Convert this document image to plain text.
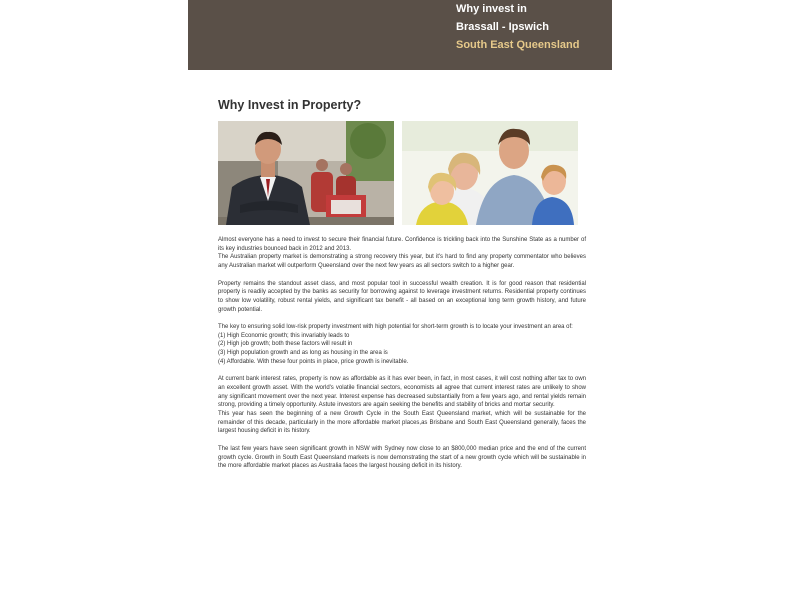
Why invest in
Brassall - Ipswich
South East Queensland
Why Invest in Property?

Almost everyone has a need to invest to secure their financial future. Confidence is trickling back into the Sunshine State as a number of its key industries bounced back in 2012 and 2013.

The Australian property market is demonstrating a strong recovery this year, but it's hard to find any property commentator who believes any Australian market will outperform Queensland over the next few years as all sectors switch to a higher gear.

Property remains the standout asset class, and most popular tool in successful wealth creation. It is for good reason that residential property is readily accepted by the banks as security for borrowing against to leverage investment returns. Residential property continues to show low volatility, robust rental yields, and significant tax benefit - all based on an exceptional long term growth history, and future growth potential.

The key to ensuring solid low-risk property investment with high potential for short-term growth is to locate your investment an area of:

(1) High Economic growth; this invariably leads to
(2) High job growth; both these factors will result in
(3) High population growth and as long as housing in the area is
(4) Affordable. With these four points in place, price growth is inevitable.

At current bank interest rates, property is now as affordable as it has ever been, in fact, in most cases, it will cost nothing after tax to own an excellent growth asset. With the world's volatile financial sectors, economists all agree that current interest rates are unlikely to show any significant movement over the next year. Interest expense has decreased substantially from a few years ago, and rental yields remain strong, providing a timely opportunity. Astute investors are again seeking the benefits and stability of bricks and mortar security.

This year has seen the beginning of a new Growth Cycle in the South East Queensland market, which will be sustainable for the remainder of this decade, particularly in the more affordable market places,as Brisbane and South East Queensland generally, faces the largest housing deficit in its history.

The last few years have seen significant growth in NSW with Sydney now close to an $800,000 median price and the end of the current growth cycle. Growth in South East Queensland markets is now demonstrating the start of a new growth cycle which will be sustainable in the more affordable market places as Australia faces the largest housing deficit in its history.
